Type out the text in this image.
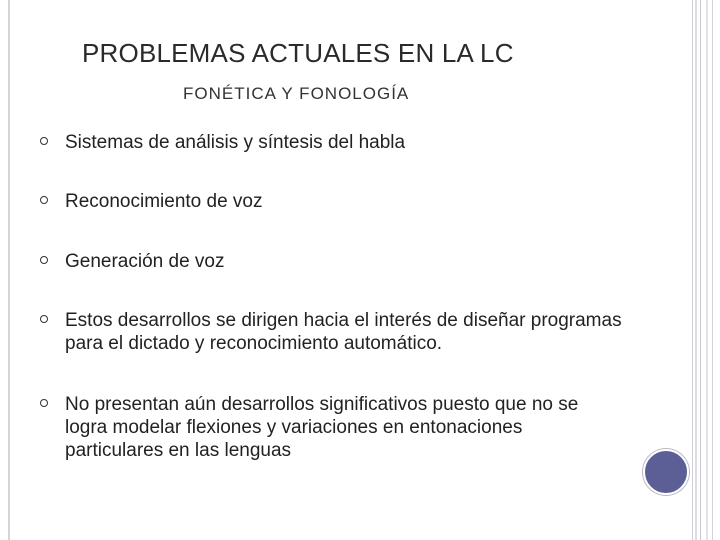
PROBLEMAS ACTUALES EN LA LC
FONÉTICA Y FONOLOGÍA
Sistemas de análisis y síntesis del habla
Reconocimiento de voz
Generación de voz
Estos desarrollos se dirigen hacia el interés de diseñar programas para el dictado y reconocimiento automático.
No presentan aún desarrollos significativos puesto que no se logra modelar flexiones y variaciones en entonaciones particulares en las lenguas
